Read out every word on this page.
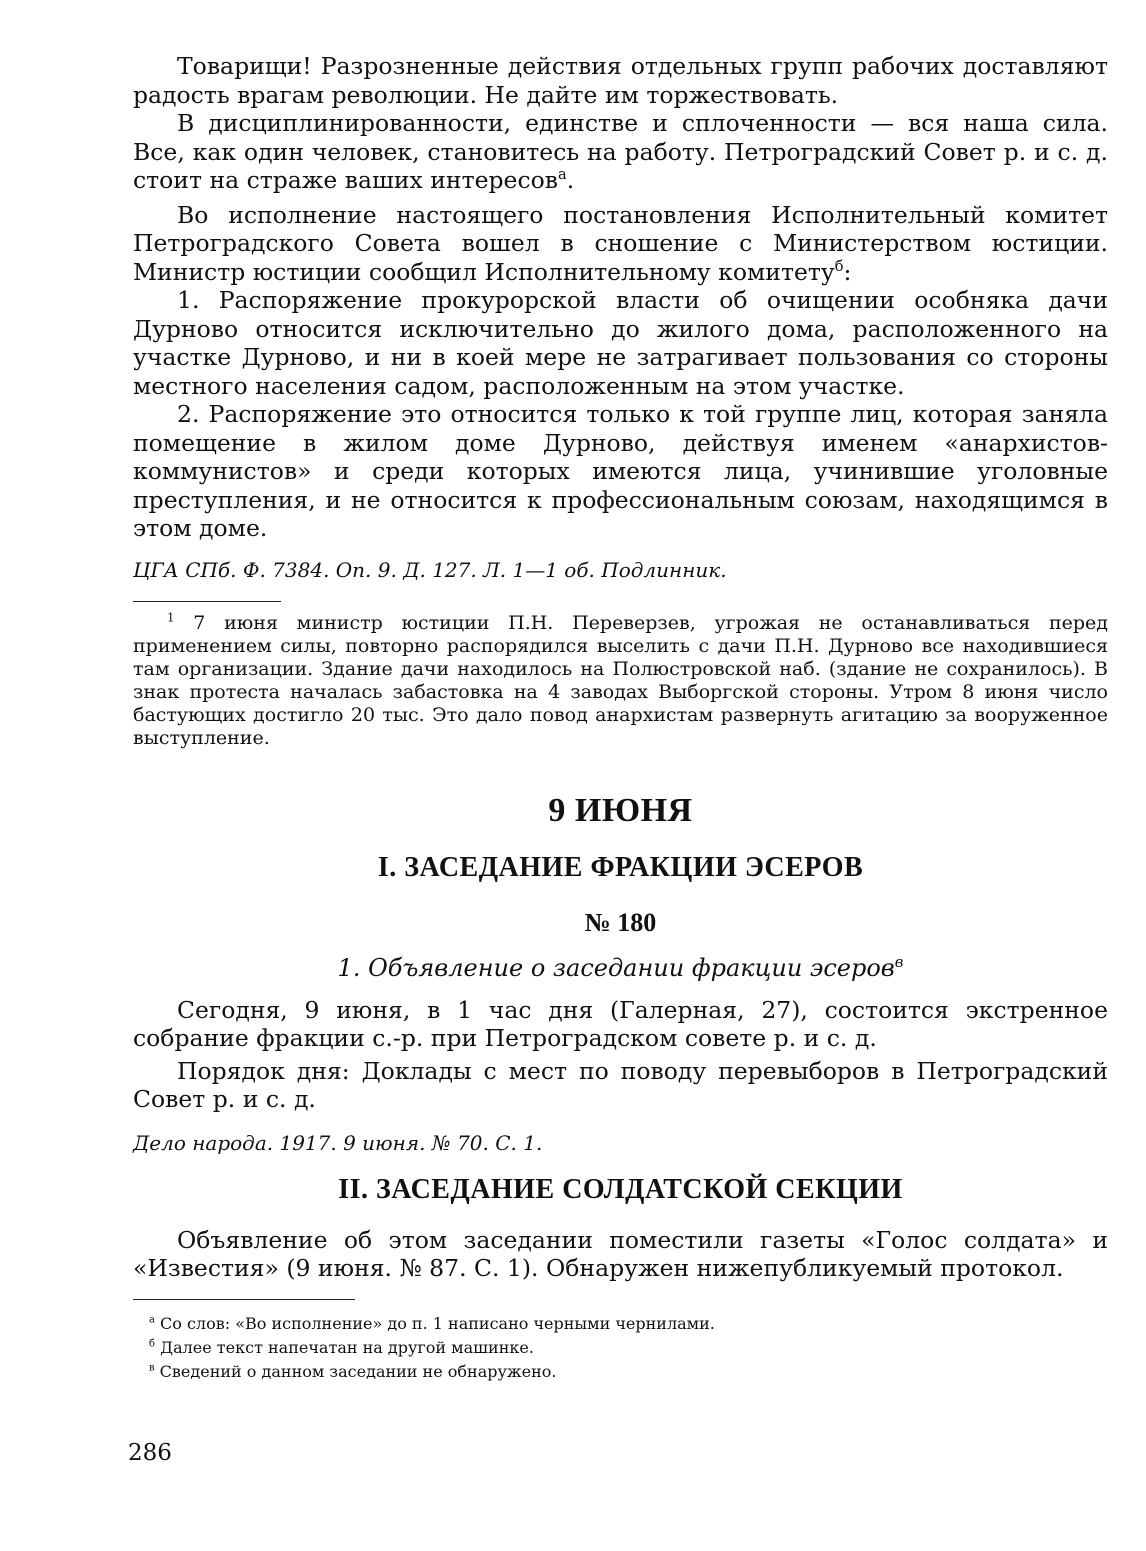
Товарищи! Разрозненные действия отдельных групп рабочих доставляют радость врагам революции. Не дайте им торжествовать.

В дисциплинированности, единстве и сплоченности — вся наша сила. Все, как один человек, становитесь на работу. Петроградский Совет р. и с. д. стоит на страже ваших интересов$^а$.

Во исполнение настоящего постановления Исполнительный комитет Петроградского Совета вошел в сношение с Министерством юстиции. Министр юстиции сообщил Исполнительному комитету$^б$:

1. Распоряжение прокурорской власти об очищении особняка дачи Дурново относится исключительно до жилого дома, расположенного на участке Дурново, и ни в коей мере не затрагивает пользования со стороны местного населения садом, расположенным на этом участке.

2. Распоряжение это относится только к той группе лиц, которая заняла помещение в жилом доме Дурново, действуя именем «анархистов-коммунистов» и среди которых имеются лица, учинившие уголовные преступления, и не относится к профессиональным союзам, находящимся в этом доме.

ЦГА СПб. Ф. 7384. Оп. 9. Д. 127. Л. 1—1 об. Подлинник.

$^1$ 7 июня министр юстиции П.Н. Переверзев, угрожая не останавливаться перед применением силы, повторно распорядился выселить с дачи П.Н. Дурново все находившиеся там организации. Здание дачи находилось на Полюстровской наб. (здание не сохранилось). В знак протеста началась забастовка на 4 заводах Выборгской стороны. Утром 8 июня число бастующих достигло 20 тыс. Это дало повод анархистам развернуть агитацию за вооруженное выступление.

9 ИЮНЯ

I. ЗАСЕДАНИЕ ФРАКЦИИ ЭСЕРОВ

№ 180

1. Объявление о заседании фракции эсеров$^в$

Сегодня, 9 июня, в 1 час дня (Галерная, 27), состоится экстренное собрание фракции с.-р. при Петроградском совете р. и с. д.

Порядок дня: Доклады с мест по поводу перевыборов в Петроградский Совет р. и с. д.

Дело народа. 1917. 9 июня. № 70. С. 1.

II. ЗАСЕДАНИЕ СОЛДАТСКОЙ СЕКЦИИ

Объявление об этом заседании поместили газеты «Голос солдата» и «Известия» (9 июня. № 87. С. 1). Обнаружен нижепубликуемый протокол.

$^а$ Со слов: «Во исполнение» до п. 1 написано черными чернилами.

$^б$ Далее текст напечатан на другой машинке.

$^в$ Сведений о данном заседании не обнаружено.

286
